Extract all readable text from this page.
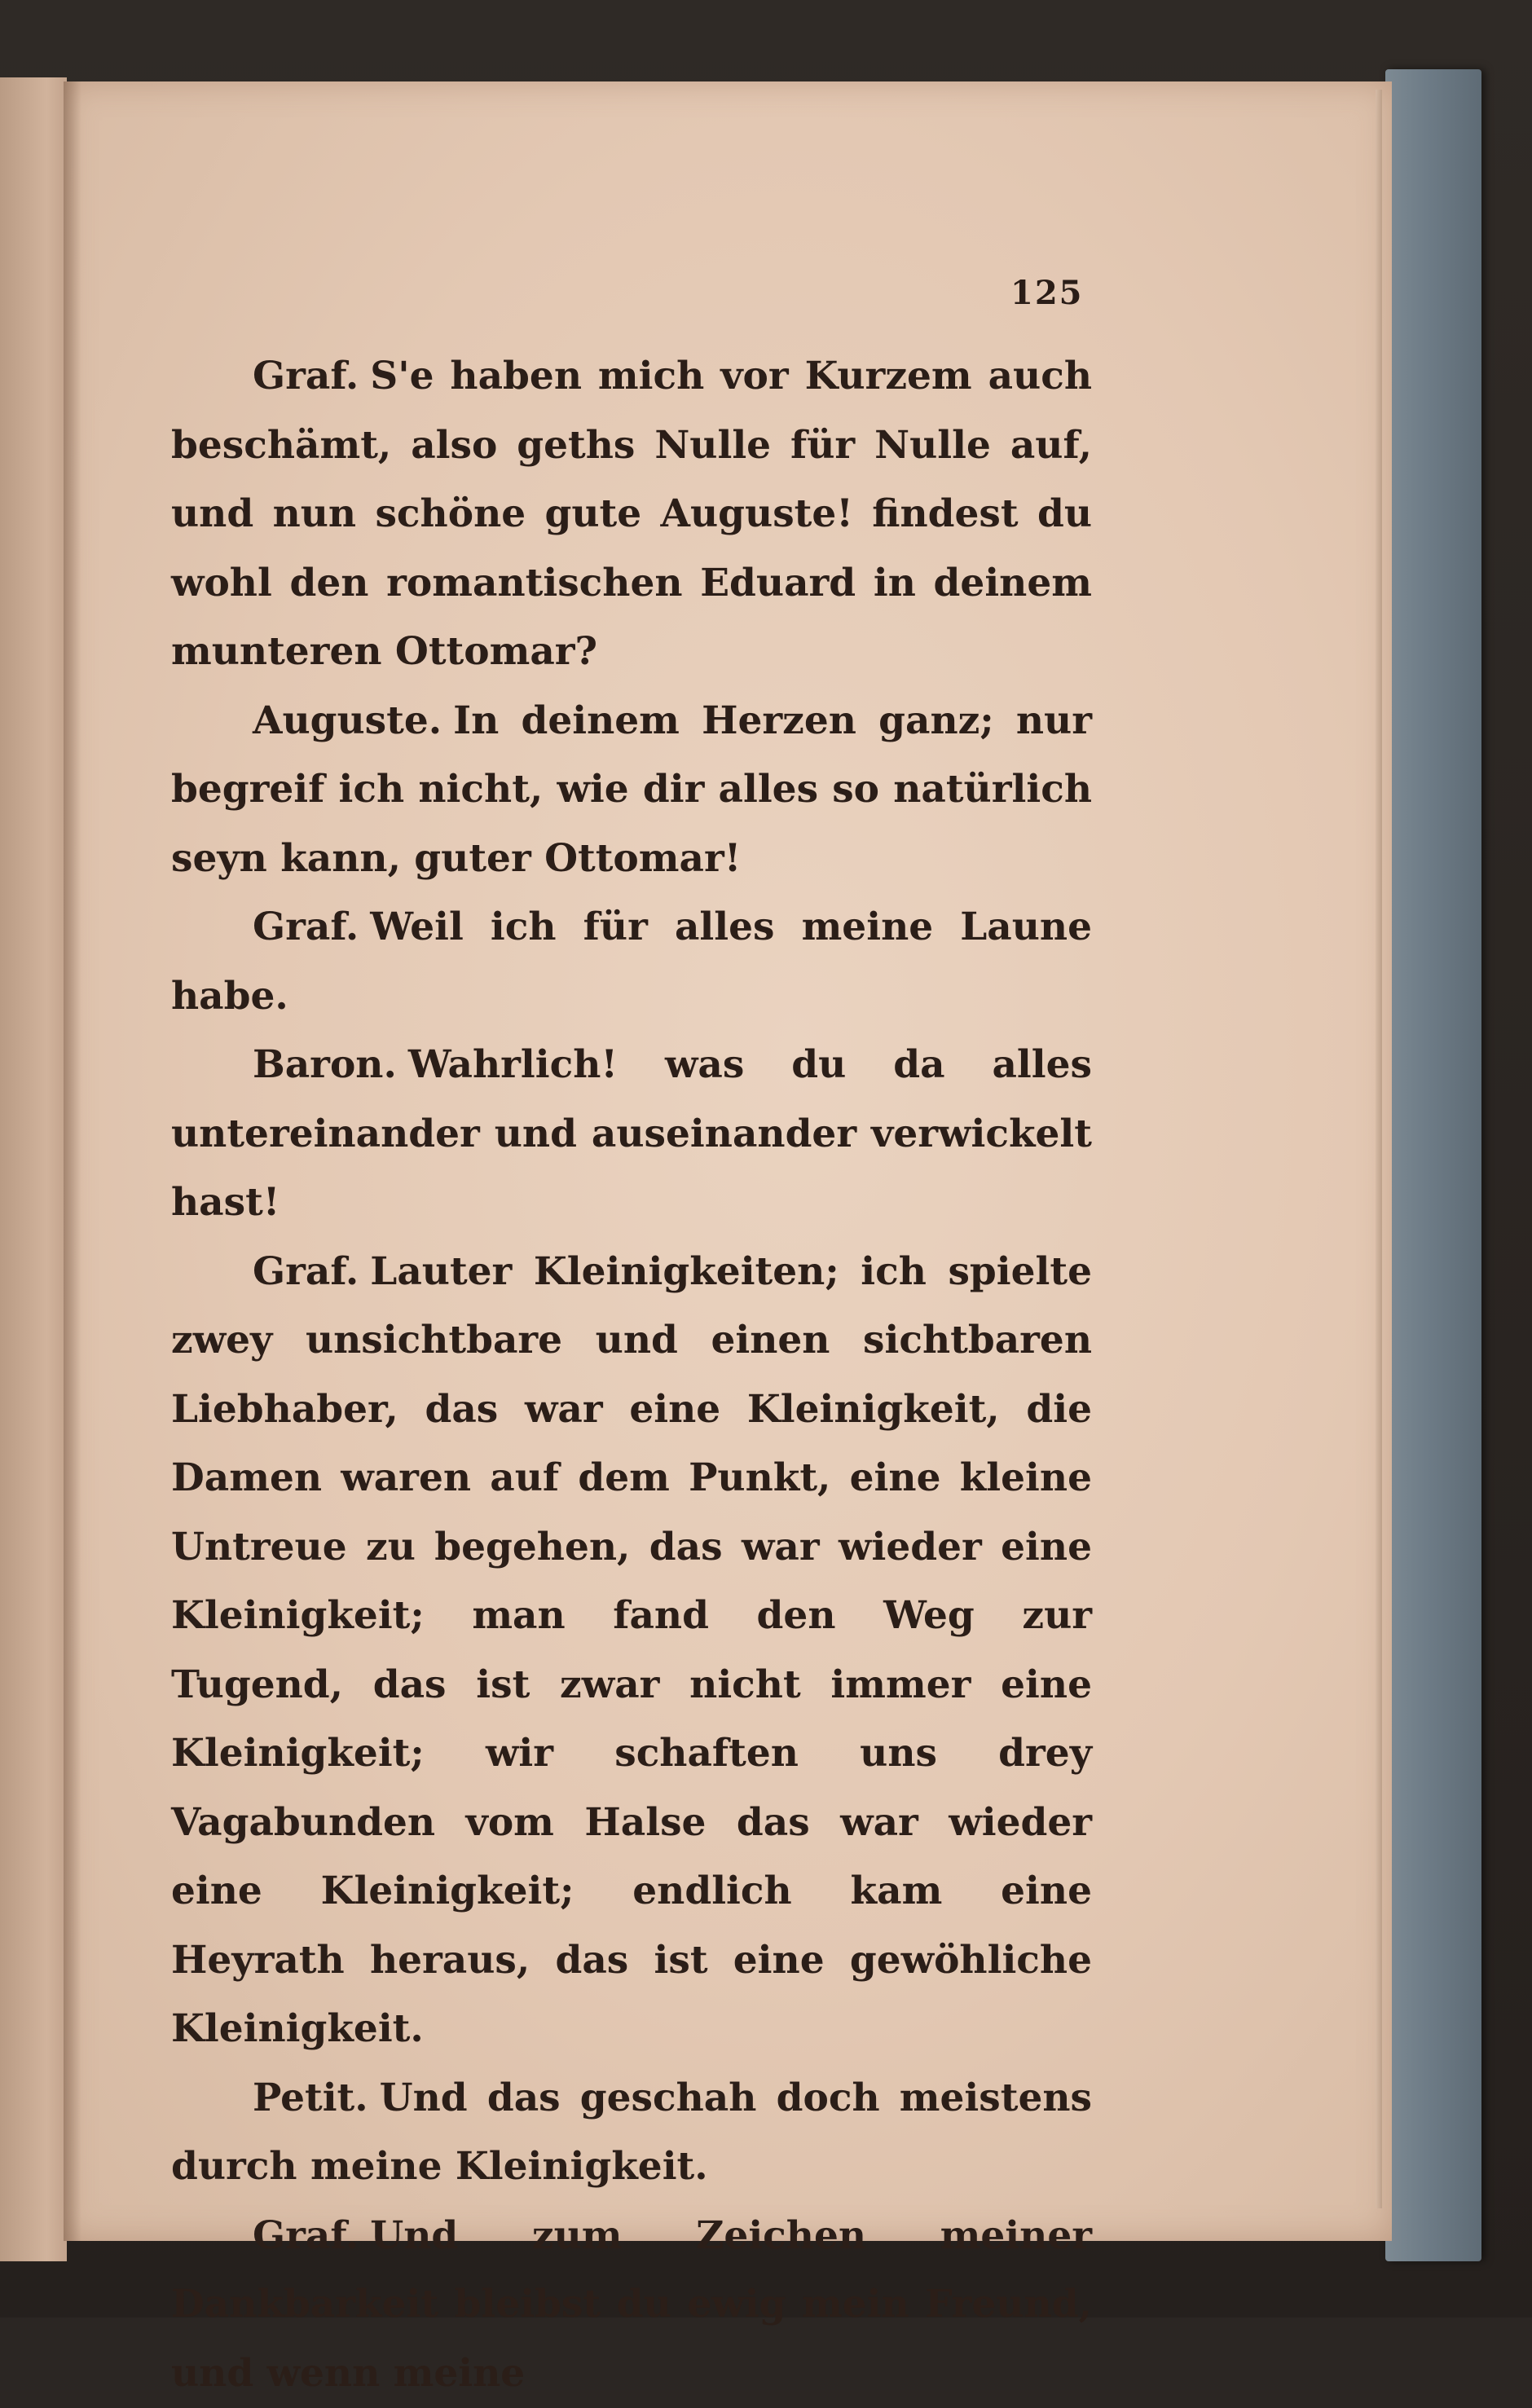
125

Graf. S'e haben mich vor Kurzem auch beschämt, also geths Nulle für Nulle auf, und nun schöne gute Auguste! findest du wohl den romantischen Eduard in deinem munteren Ottomar?

Auguste. In deinem Herzen ganz; nur begreif ich nicht, wie dir alles so natürlich seyn kann, guter Ottomar!

Graf. Weil ich für alles meine Laune habe.

Baron. Wahrlich! was du da alles untereinander und auseinander verwickelt hast!

Graf. Lauter Kleinigkeiten; ich spielte zwey unsichtbare und einen sichtbaren Liebhaber, das war eine Kleinigkeit, die Damen waren auf dem Punkt, eine kleine Untreue zu begehen, das war wieder eine Kleinigkeit; man fand den Weg zur Tugend, das ist zwar nicht immer eine Kleinigkeit; wir schaften uns drey Vagabunden vom Halse das war wieder eine Kleinigkeit; endlich kam eine Heyrath heraus, das ist eine gewöhliche Kleinigkeit.

Petit. Und das geschah doch meistens durch meine Kleinigkeit.

Graf. Und zum Zeichen meiner Dankbarkeit bleibst du ewig mein Freund, und wenn meine
